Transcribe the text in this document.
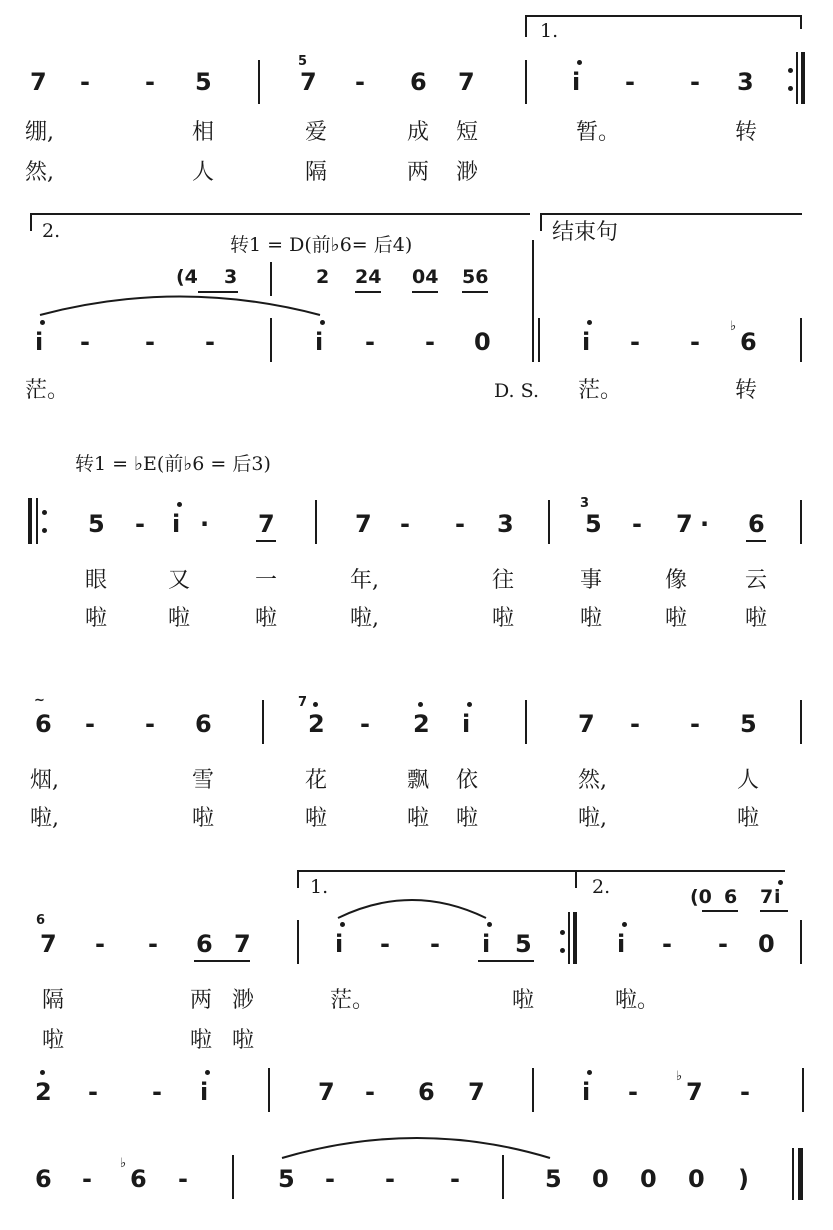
1.
7 - - 5
5
7 - 6 7	i - - 3
绷,	相	爱	成 短	暂。	转
然,	人	隔	两 渺
2.	结束句
转1 = D(前♭6= 后4)
(4 3	2 24 04 56
i - - -	i - - 0	i - -
♭
6
茫。	D. S. 茫。	转
转1 = ♭E(前♭6 = 后3)
5 - i · 7	7 - - 3
3
5 - 7 · 6
眼	又	一	年,	往	事	像	云
啦	啦	啦	啦,	啦	啦	啦	啦
∼
6 - - 6
7
2 - 2 i	7 - - 5
烟,	雪	花	飘 依	然,	人
啦,	啦	啦	啦 啦	啦,	啦
1.	2.	(0 6 7 i
6
7 - - 6 7	i - - i 5	i - - 0
隔	两 渺	茫。	啦	啦。
啦	啦 啦
2 - - i	7 - 6 7	i -
♭
7 -
6 -
♭
6 -	5 - - -	5 0 0 0 )
